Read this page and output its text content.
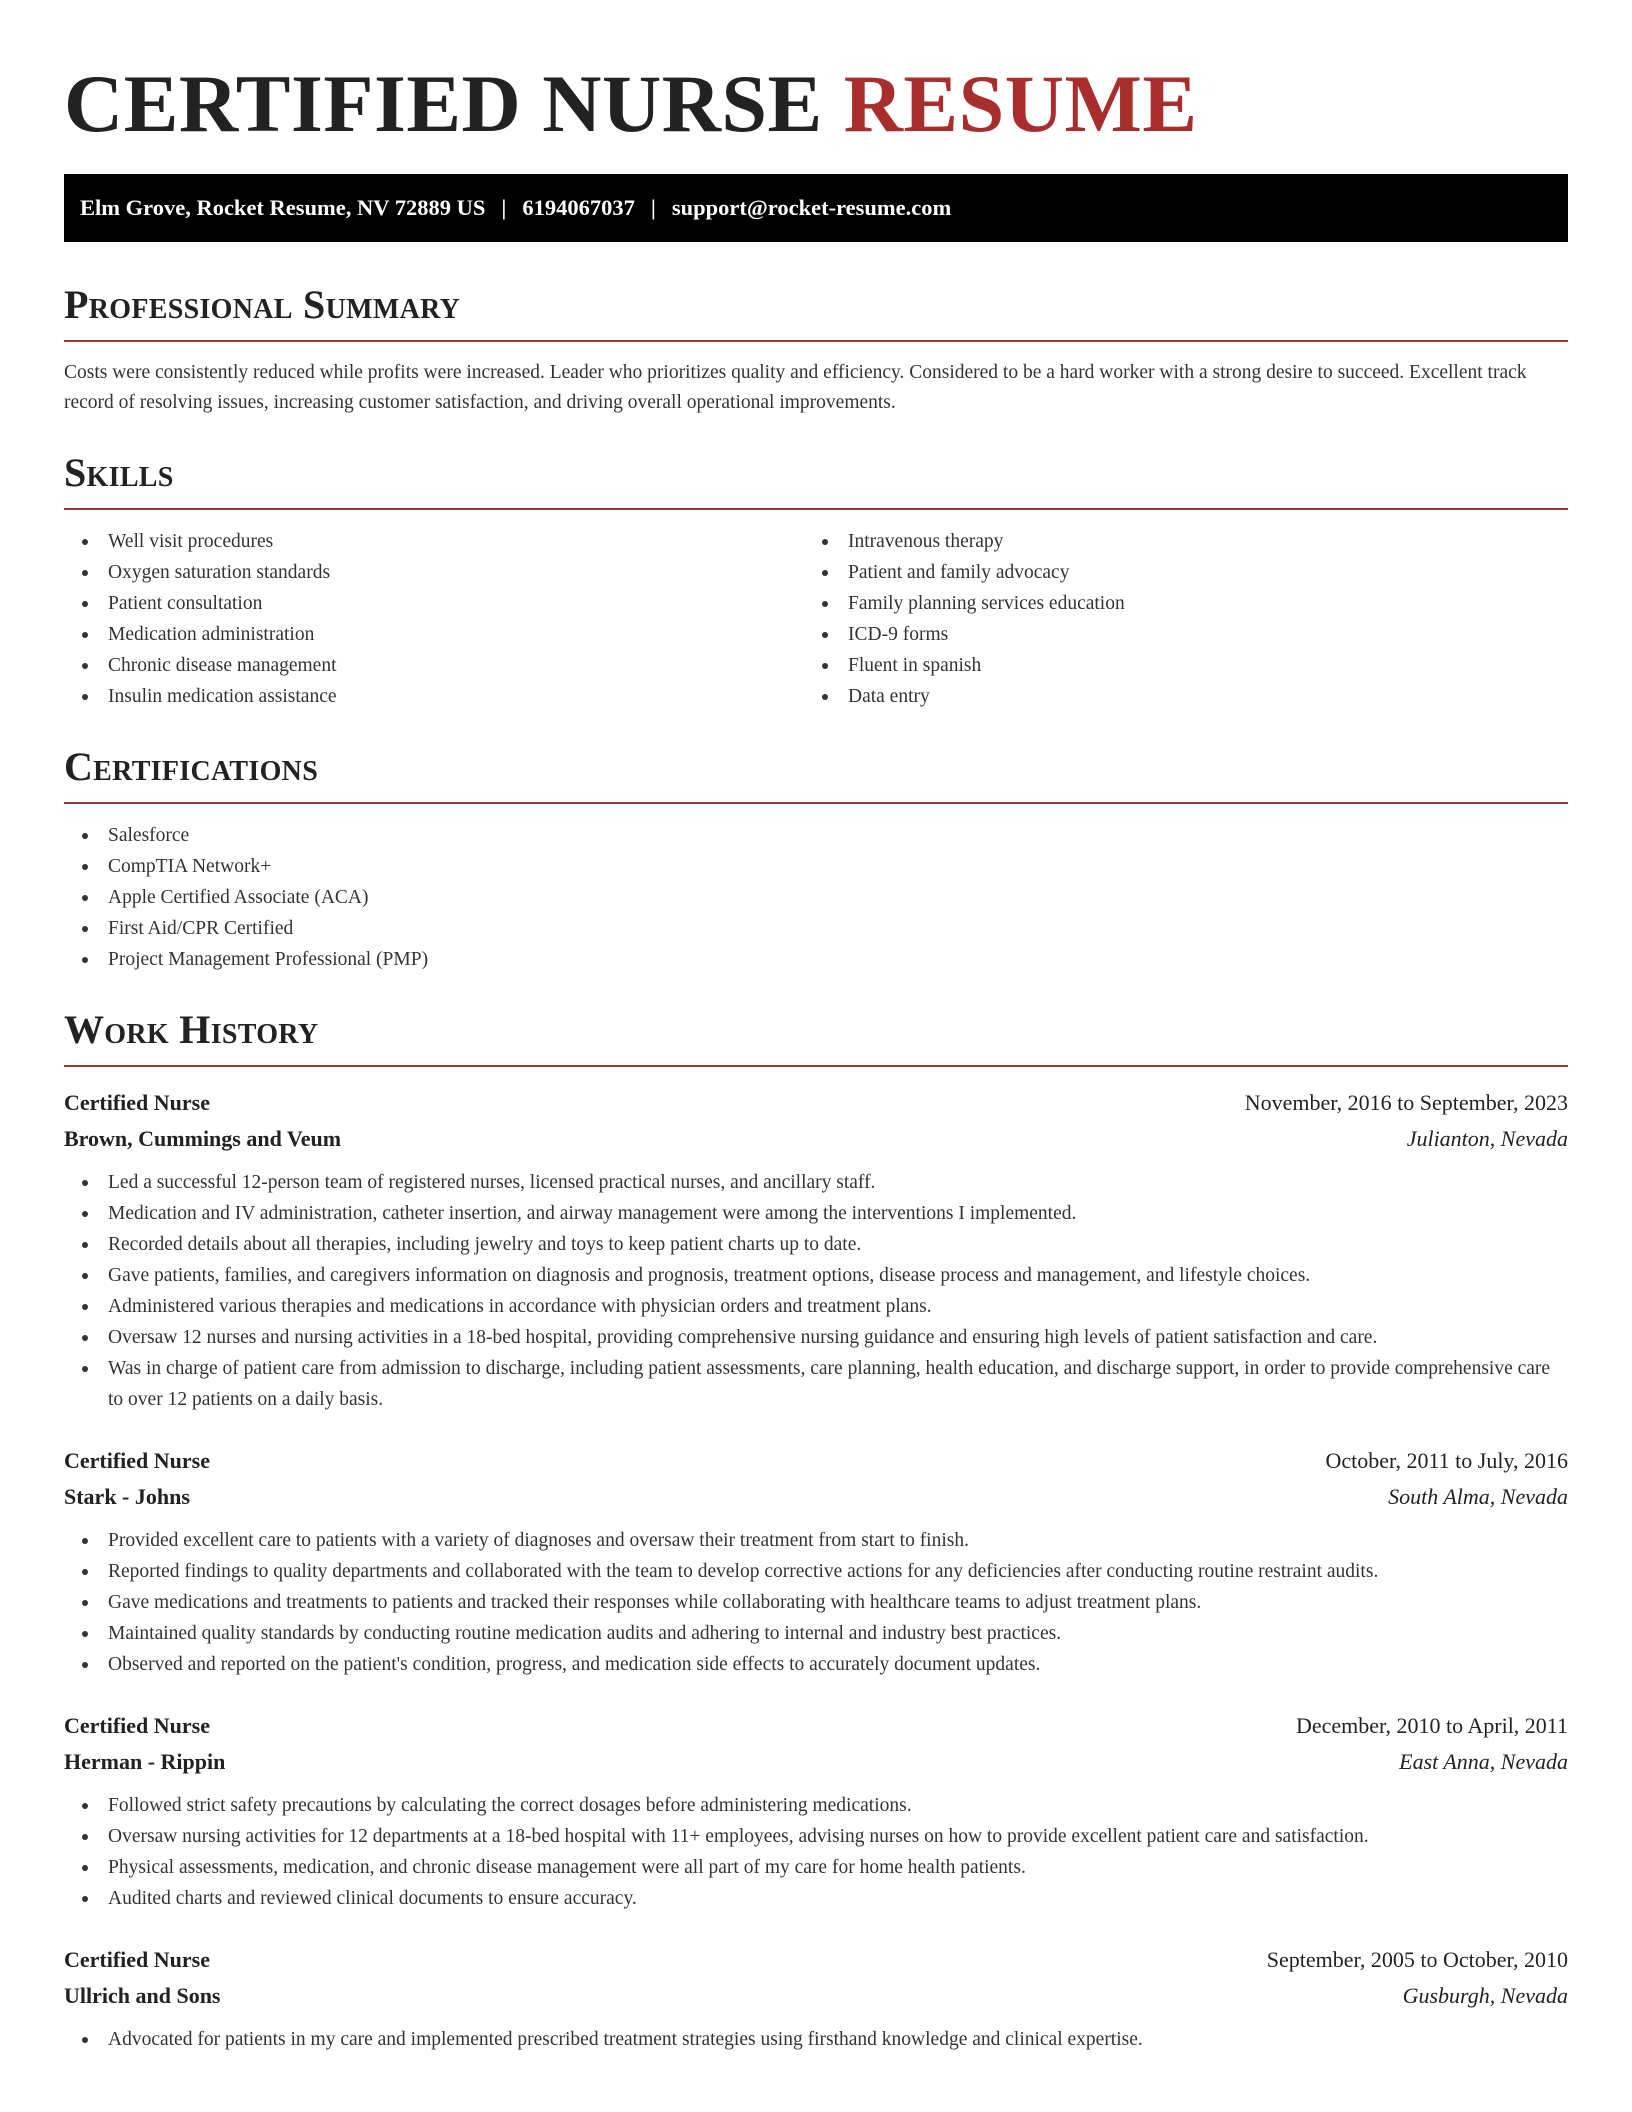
CERTIFIED NURSE RESUME
Elm Grove, Rocket Resume, NV 72889 US | 6194067037 | support@rocket-resume.com
Professional Summary

Costs were consistently reduced while profits were increased. Leader who prioritizes quality and efficiency. Considered to be a hard worker with a strong desire to succeed. Excellent track record of resolving issues, increasing customer satisfaction, and driving overall operational improvements.

Skills
Well visit procedures
Oxygen saturation standards
Patient consultation
Medication administration
Chronic disease management
Insulin medication assistance
Intravenous therapy
Patient and family advocacy
Family planning services education
ICD-9 forms
Fluent in spanish
Data entry
Certifications
Salesforce
CompTIA Network+
Apple Certified Associate (ACA)
First Aid/CPR Certified
Project Management Professional (PMP)
Work History
Certified Nurse	November, 2016 to September, 2023
Brown, Cummings and Veum	Julianton, Nevada
Led a successful 12-person team of registered nurses, licensed practical nurses, and ancillary staff.
Medication and IV administration, catheter insertion, and airway management were among the interventions I implemented.
Recorded details about all therapies, including jewelry and toys to keep patient charts up to date.
Gave patients, families, and caregivers information on diagnosis and prognosis, treatment options, disease process and management, and lifestyle choices.
Administered various therapies and medications in accordance with physician orders and treatment plans.
Oversaw 12 nurses and nursing activities in a 18-bed hospital, providing comprehensive nursing guidance and ensuring high levels of patient satisfaction and care.
Was in charge of patient care from admission to discharge, including patient assessments, care planning, health education, and discharge support, in order to provide comprehensive care to over 12 patients on a daily basis.
Certified Nurse	October, 2011 to July, 2016
Stark - Johns	South Alma, Nevada
Provided excellent care to patients with a variety of diagnoses and oversaw their treatment from start to finish.
Reported findings to quality departments and collaborated with the team to develop corrective actions for any deficiencies after conducting routine restraint audits.
Gave medications and treatments to patients and tracked their responses while collaborating with healthcare teams to adjust treatment plans.
Maintained quality standards by conducting routine medication audits and adhering to internal and industry best practices.
Observed and reported on the patient's condition, progress, and medication side effects to accurately document updates.
Certified Nurse	December, 2010 to April, 2011
Herman - Rippin	East Anna, Nevada
Followed strict safety precautions by calculating the correct dosages before administering medications.
Oversaw nursing activities for 12 departments at a 18-bed hospital with 11+ employees, advising nurses on how to provide excellent patient care and satisfaction.
Physical assessments, medication, and chronic disease management were all part of my care for home health patients.
Audited charts and reviewed clinical documents to ensure accuracy.
Certified Nurse	September, 2005 to October, 2010
Ullrich and Sons	Gusburgh, Nevada
Advocated for patients in my care and implemented prescribed treatment strategies using firsthand knowledge and clinical expertise.
